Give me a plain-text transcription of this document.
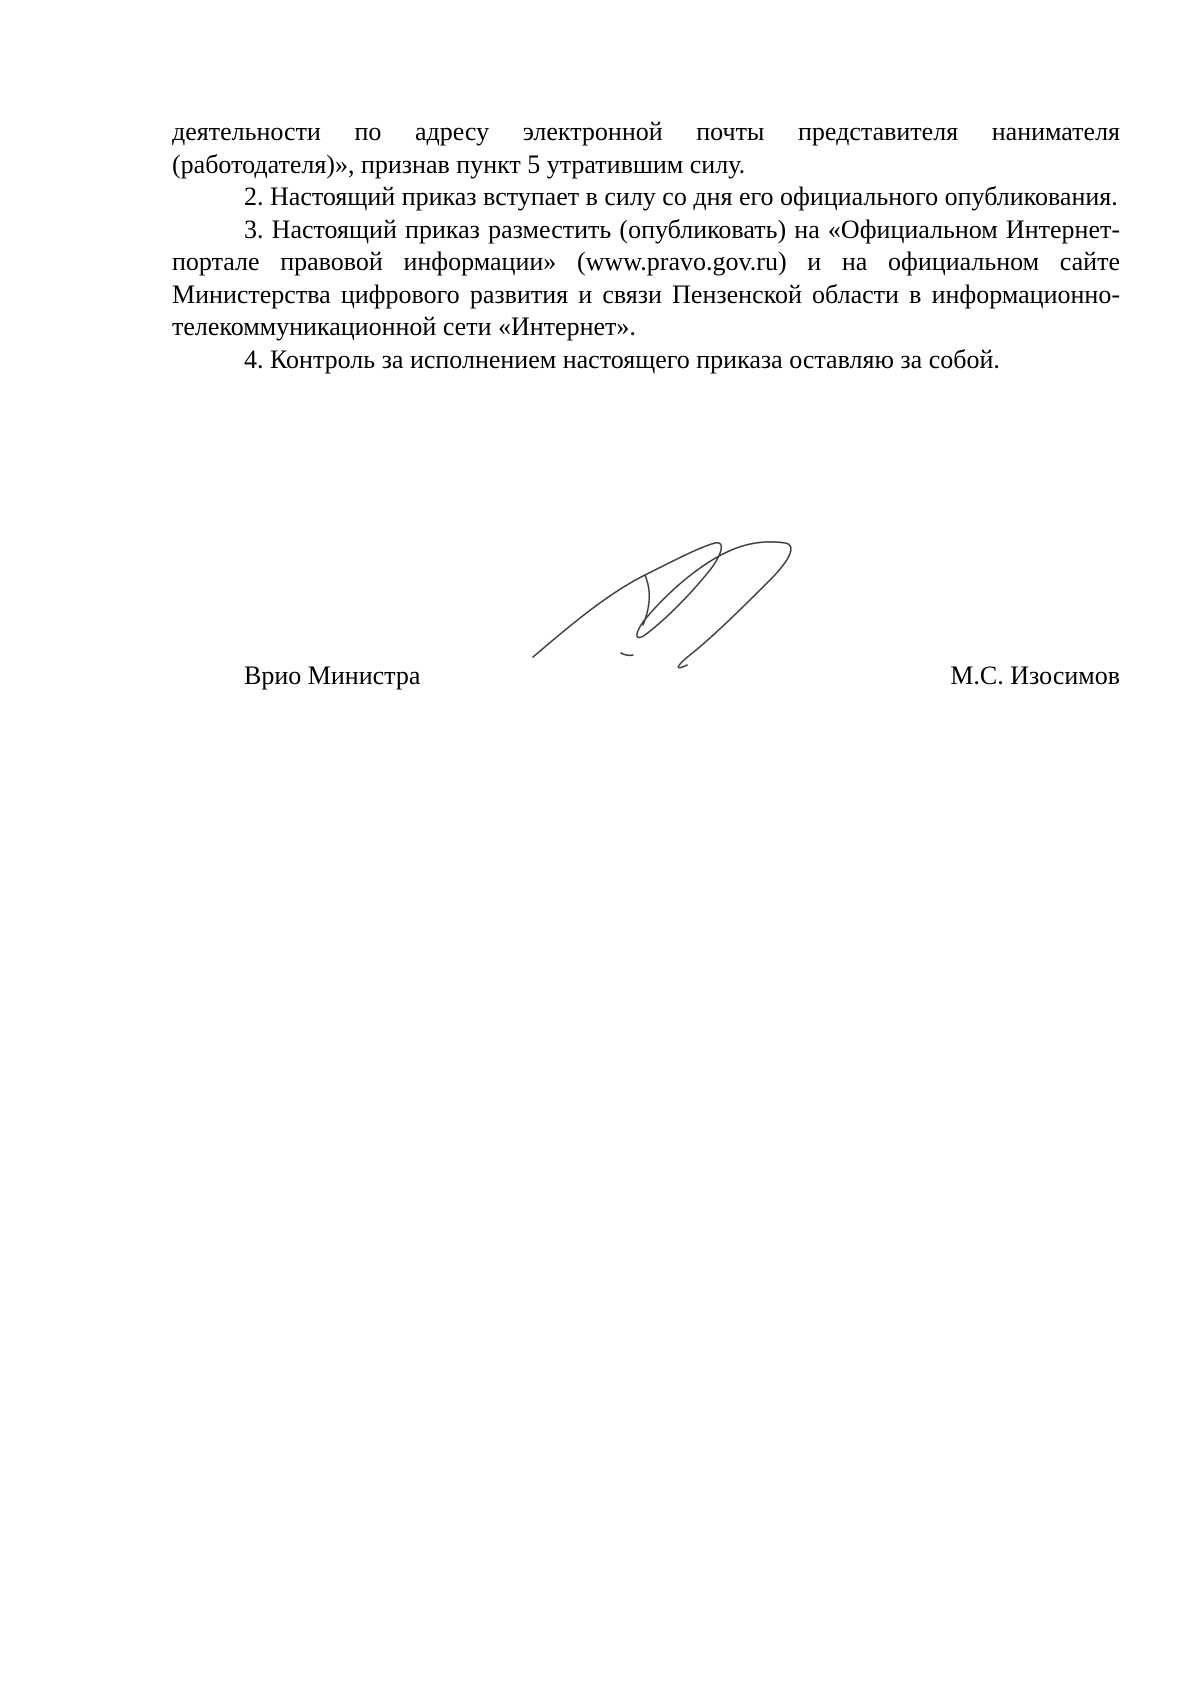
деятельности по адресу электронной почты представителя нанимателя (работодателя)», признав пункт 5 утратившим силу.

2. Настоящий приказ вступает в силу со дня его официального опубликования.

3. Настоящий приказ разместить (опубликовать) на «Официальном Интернет-портале правовой информации» (www.pravo.gov.ru) и на официальном сайте Министерства цифрового развития и связи Пензенской области в информационно-телекоммуникационной сети «Интернет».

4. Контроль за исполнением настоящего приказа оставляю за собой.

Врио Министра	М.С. Изосимов
